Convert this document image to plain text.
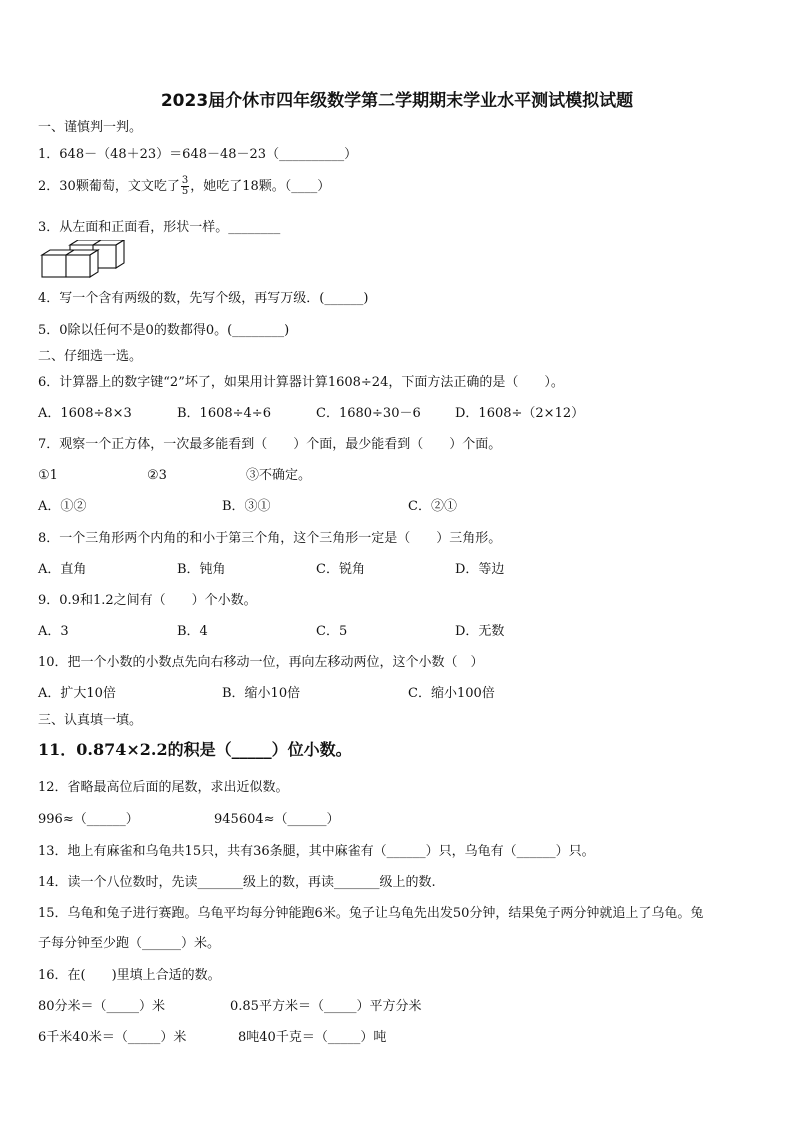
2023届介休市四年级数学第二学期期末学业水平测试模拟试题
一、谨慎判一判。
1．648－（48＋23）＝648－48－23（__________）
2．30颗葡萄，文文吃了 $\frac{3}{5}$ ，她吃了18颗。（____）
3．从左面和正面看，形状一样。________
4．写一个含有两级的数，先写个级，再写万级．(______)
5．0除以任何不是0的数都得0。(________)
二、仔细选一选。
6．计算器上的数字键“2”坏了，如果用计算器计算1608÷24，下面方法正确的是（　　）。
A．1608÷8×3	B．1608÷4÷6	C．1680÷30－6	D．1608÷（2×12）
7．观察一个正方体，一次最多能看到（　　）个面，最少能看到（　　）个面。
①1	②3	③不确定。
A．①②	B．③①	C．②①
8．一个三角形两个内角的和小于第三个角，这个三角形一定是（　　）三角形。
A．直角	B．钝角	C．锐角	D．等边
9．0.9和1.2之间有（　　）个小数。
A．3	B．4	C．5	D．无数
10．把一个小数的小数点先向右移动一位，再向左移动两位，这个小数（　）
A．扩大10倍	B．缩小10倍	C．缩小100倍
三、认真填一填。
11．0.874×2.2的积是（_____）位小数。
12．省略最高位后面的尾数，求出近似数。
996≈（______）	945604≈（______）
13．地上有麻雀和乌龟共15只，共有36条腿，其中麻雀有（______）只，乌龟有（______）只。
14．读一个八位数时，先读_______级上的数，再读_______级上的数.
15．乌龟和兔子进行赛跑。乌龟平均每分钟能跑6米。兔子让乌龟先出发50分钟，结果兔子两分钟就追上了乌龟。兔
子每分钟至少跑（______）米。
16．在(　　)里填上合适的数。
80分米＝（_____）米	0.85平方米＝（_____）平方分米
6千米40米＝（_____）米	8吨40千克＝（_____）吨
